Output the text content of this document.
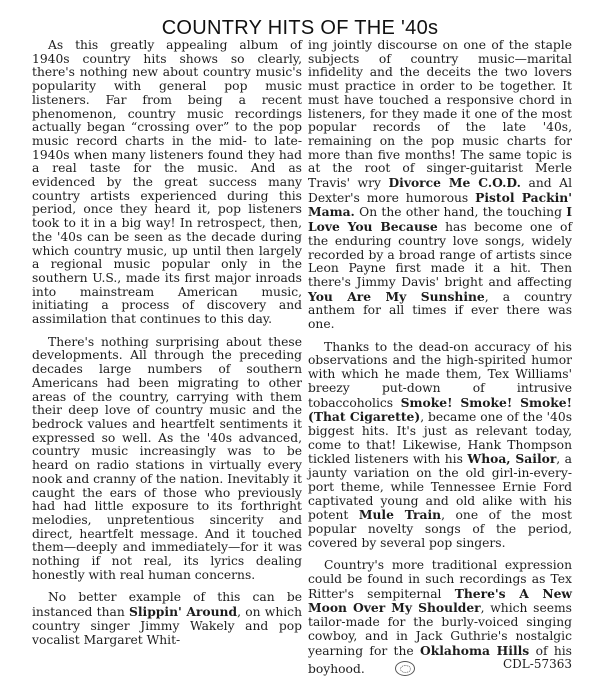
COUNTRY HITS OF THE '40s

As this greatly appealing album of 1940s country hits shows so clearly, there's nothing new about country music's popularity with general pop music listeners. Far from being a recent phenomenon, country music recordings actually began “crossing over” to the pop music record charts in the mid- to late-1940s when many listeners found they had a real taste for the music. And as evidenced by the great success many country artists experienced during this period, once they heard it, pop listeners took to it in a big way! In retrospect, then, the '40s can be seen as the decade during which country music, up until then largely a regional music popular only in the southern U.S., made its first major inroads into mainstream American music, initiating a process of discovery and assimilation that continues to this day.

There's nothing surprising about these developments. All through the preceding decades large numbers of southern Americans had been migrating to other areas of the country, carrying with them their deep love of country music and the bedrock values and heartfelt sentiments it expressed so well. As the '40s advanced, country music increasingly was to be heard on radio stations in virtually every nook and cranny of the nation. Inevitably it caught the ears of those who previously had had little exposure to its forthright melodies, unpretentious sincerity and direct, heartfelt message. And it touched them—deeply and immediately—for it was nothing if not real, its lyrics dealing honestly with real human concerns.

No better example of this can be instanced than Slippin' Around, on which country singer Jimmy Wakely and pop vocalist Margaret Whit-

ing jointly discourse on one of the staple subjects of country music—marital infidelity and the deceits the two lovers must practice in order to be together. It must have touched a responsive chord in listeners, for they made it one of the most popular records of the late '40s, remaining on the pop music charts for more than five months! The same topic is at the root of singer-guitarist Merle Travis' wry Divorce Me C.O.D. and Al Dexter's more humorous Pistol Packin' Mama. On the other hand, the touching I Love You Because has become one of the enduring country love songs, widely recorded by a broad range of artists since Leon Payne first made it a hit. Then there's Jimmy Davis' bright and affecting You Are My Sunshine, a country anthem for all times if ever there was one.

Thanks to the dead-on accuracy of his observations and the high-spirited humor with which he made them, Tex Williams' breezy put-down of intrusive tobaccoholics Smoke! Smoke! Smoke! (That Cigarette), became one of the '40s biggest hits. It's just as relevant today, come to that! Likewise, Hank Thompson tickled listeners with his Whoa, Sailor, a jaunty variation on the old girl-in-every-port theme, while Tennessee Ernie Ford captivated young and old alike with his potent Mule Train, one of the most popular novelty songs of the period, covered by several pop singers.

Country's more traditional expression could be found in such recordings as Tex Ritter's sempiternal There's A New Moon Over My Shoulder, which seems tailor-made for the burly-voiced singing cowboy, and in Jack Guthrie's nostalgic yearning for the Oklahoma Hills of his boyhood.	CDL-57363
